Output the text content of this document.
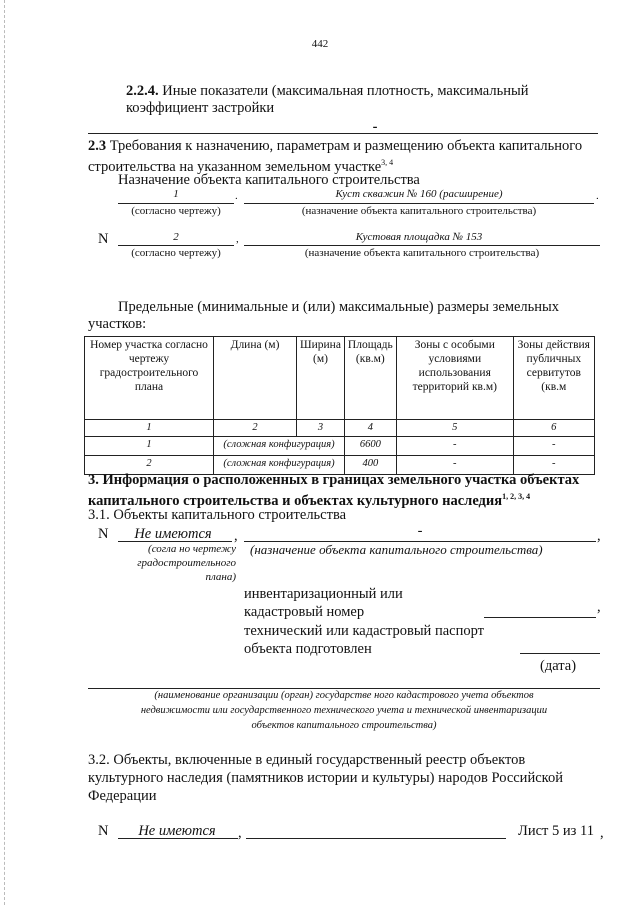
442
2.2.4. Иные показатели (максимальная плотность, максимальный
коэффициент застройки
-
2.3 Требования к назначению, параметрам и размещению объекта капитального
строительства на указанном земельном участке$^{3, 4}$
Назначение объекта капитального строительства
1	.	Куст скважин № 160 (расширение)	.
(согласно чертежу)	(назначение объекта капитального строительства)
N	2	,	Кустовая площадка № 153
(согласно чертежу)	(назначение объекта капитального строительства)
Предельные (минимальные и (или) максимальные) размеры земельных
участков:
Номер участка согласно чертежу градостроительного плана	Длина (м)	Ширина (м)	Площадь (кв.м)	Зоны с особыми условиями использования территорий кв.м)	Зоны действия публичных сервитутов (кв.м
1	2	3	4	5	6
1	(сложная конфигурация)		6600	-	-
2	(сложная конфигурация)		400	-	-
3. Информация о расположенных в границах земельного участка объектах
капитального строительства и объектах культурного наследия$^{1, 2, 3, 4}$
3.1. Объекты капитального строительства
N	Не имеются	,	-	,
(согла но чертежу градостроительного плана)
(назначение объекта капитального строительства)
инвентаризационный или
кадастровый номер	,
технический или кадастровый паспорт
объекта подготовлен
(дата)
(наименование организации (орган) государстве ного кадастрового учета объектов
недвижимости или государственного технического учета и технической инвентаризации
объектов капитального строительства)
3.2. Объекты, включенные в единый государственный реестр объектов
культурного наследия (памятников истории и культуры) народов Российской
Федерации
N	Не имеются	,	Лист 5 из 11 ,
